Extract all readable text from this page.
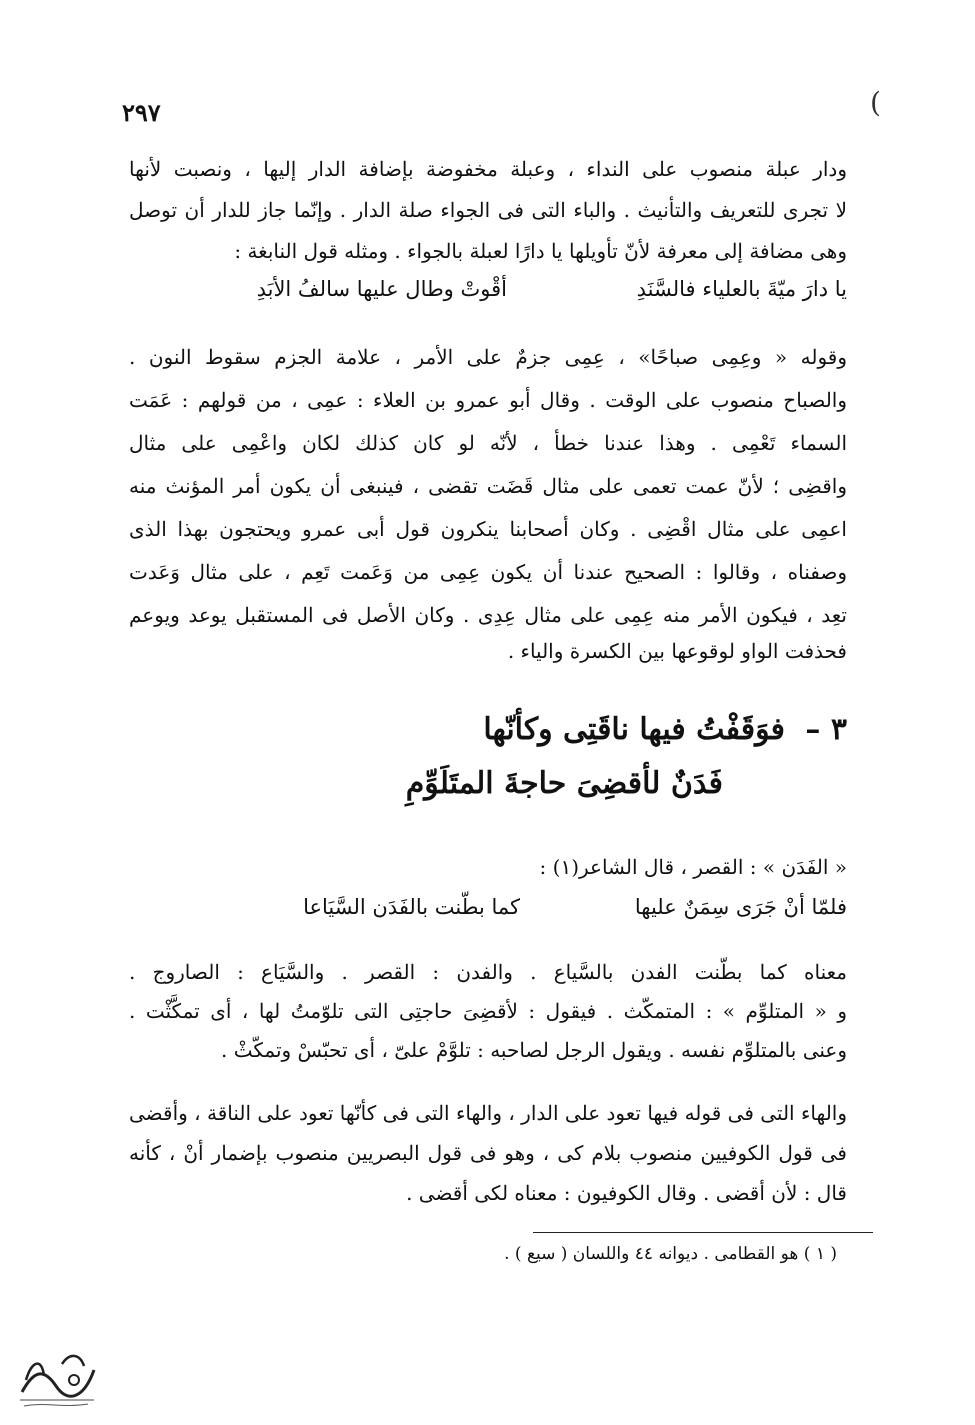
)
٢٩٧
ودار عبلة منصوب على النداء ، وعبلة مخفوضة بإضافة الدار إليها ، ونصبت لأنها
لا تجرى للتعريف والتأنيث . والباء التى فى الجواء صلة الدار . وإنّما جاز للدار أن توصل
وهى مضافة إلى معرفة لأنّ تأويلها يا دارًا لعبلة بالجواء . ومثله قول النابغة :
يا دارَ ميّةَ بالعلياء فالسَّنَدِ
أقْوتْ وطال عليها سالفُ الأبَدِ
وقوله « وعِمِى صباحًا» ، عِمِى جزمٌ على الأمر ، علامة الجزم سقوط النون .
والصباح منصوب على الوقت . وقال أبو عمرو بن العلاء : عمِى ، من قولهم : عَمَت
السماء تَعْمِى . وهذا عندنا خطأ ، لأنّه لو كان كذلك لكان واعْمِى على مثال
واقضِى ؛ لأنّ عمت تعمى على مثال قَضَت تقضى ، فينبغى أن يكون أمر المؤنث منه
اعمِى على مثال اقْضِى . وكان أصحابنا ينكرون قول أبى عمرو ويحتجون بهذا الذى
وصفناه ، وقالوا : الصحيح عندنا أن يكون عِمِى من وَعَمت تَعِم ، على مثال وَعَدت
تعِد ، فيكون الأمر منه عِمِى على مثال عِدِى . وكان الأصل فى المستقبل يوعد ويوعم
فحذفت الواو لوقوعها بين الكسرة والياء .
٣ –
فوَقَفْتُ فيها ناقَتِى وكأنّها
فَدَنٌ لأقضِىَ حاجةَ المتَلَوِّمِ
« الفَدَن » : القصر ، قال الشاعر(١) :
فلمّا أنْ جَرَى سِمَنٌ عليها
كما بطّنت بالفَدَن السَّيَاعا
معناه كما بطّنت الفدن بالسَّياع . والفدن : القصر . والسَّيَاع : الصاروج .
و « المتلوِّم » : المتمكّث . فيقول : لأقضِىَ حاجتِى التى تلوّمتُ لها ، أى تمكَّثْت .
وعنى بالمتلوِّم نفسه . ويقول الرجل لصاحبه : تلوَّمْ علىّ ، أى تحبّسْ وتمكّثْ .
والهاء التى فى قوله فيها تعود على الدار ، والهاء التى فى كأنّها تعود على الناقة ، وأقضى
فى قول الكوفيين منصوب بلام كى ، وهو فى قول البصريين منصوب بإضمار أنْ ، كأنه
قال : لأن أقضى . وقال الكوفيون : معناه لكى أقضى .
( ١ ) هو القطامى . ديوانه ٤٤ واللسان ( سيع ) .
